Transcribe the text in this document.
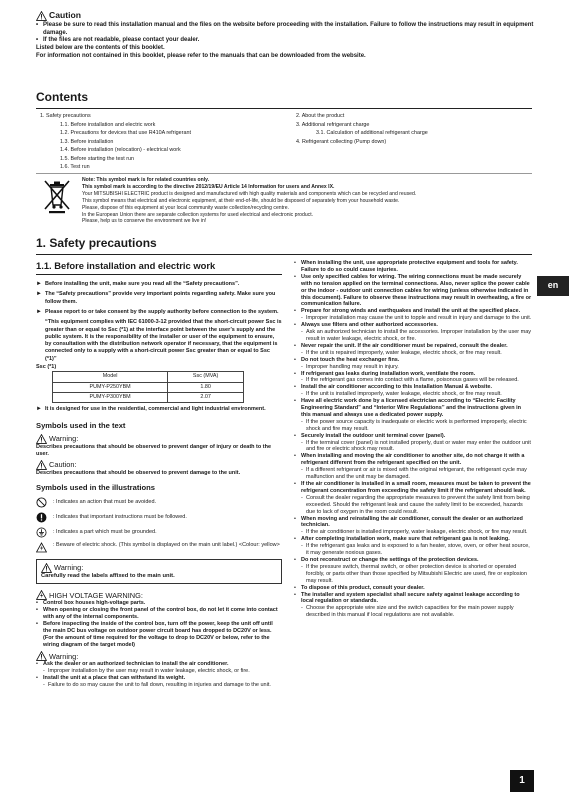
Caution
• Please be sure to read this installation manual and the files on the website before proceeding with the installation. Failure to follow the instructions may result in equipment damage.
• If the files are not readable, please contact your dealer.
Listed below are the contents of this booklet.
For information not contained in this booklet, please refer to the manuals that can be downloaded from the website.
Contents
1. Safety precautions
1.1. Before installation and electric work
1.2. Precautions for devices that use R410A refrigerant
1.3. Before installation
1.4. Before installation (relocation) - electrical work
1.5. Before starting the test run
1.6. Test run
2. About the product
3. Additional refrigerant charge
3.1. Calculation of additional refrigerant charge
4. Refrigerant collecting (Pump down)
Note: This symbol mark is for related countries only.
This symbol mark is according to the directive 2012/19/EU Article 14 Information for users and Annex IX.
Your MITSUBISHI ELECTRIC product is designed and manufactured with high quality materials and components which can be recycled and reused.
This symbol means that electrical and electronic equipment, at their end-of-life, should be disposed of separately from your household waste.
Please, dispose of this equipment at your local community waste collection/recycling centre.
In the European Union there are separate collection systems for used electrical and electronic product.
Please, help us to conserve the environment we live in!
1. Safety precautions
en
1.1. Before installation and electric work
► Before installing the unit, make sure you read all the “Safety precautions”.
► The “Safety precautions” provide very important points regarding safety. Make sure you follow them.
► Please report to or take consent by the supply authority before connection to the system.
“This equipment complies with IEC 61000-3-12 provided that the short-circuit power Ssc is greater than or equal to Ssc (*1) at the interface point between the user’s supply and the public system. It is the responsibility of the installer or user of the equipment to ensure, by consultation with the distribution network operator if necessary, that the equipment is connected only to a supply with a short-circuit power Ssc greater than or equal to Ssc (*1)”
Ssc (*1)
Model	Ssc (MVA)
PUMY-P250YBM	1.80
PUMY-P300YBM	2.07
► It is designed for use in the residential, commercial and light industrial environment.
Symbols used in the text
Warning:
Describes precautions that should be observed to prevent danger of injury or death to the user.
Caution:
Describes precautions that should be observed to prevent damage to the unit.
Symbols used in the illustrations
: Indicates an action that must be avoided.
: Indicates that important instructions must be followed.
: Indicates a part which must be grounded.
: Beware of electric shock. (This symbol is displayed on the main unit label.) <Colour: yellow>
Warning:
Carefully read the labels affixed to the main unit.
HIGH VOLTAGE WARNING:
• Control box houses high-voltage parts.
• When opening or closing the front panel of the control box, do not let it come into contact with any of the internal components.
• Before inspecting the inside of the control box, turn off the power, keep the unit off until the main DC bus voltage on outdoor power circuit board has dropped to DC20V or less. (For the amount of time required for the voltage to drop to DC20V or below, refer to the wiring diagram of the target model)
Warning:
• Ask the dealer or an authorized technician to install the air conditioner.
- Improper installation by the user may result in water leakage, electric shock, or fire.
• Install the unit at a place that can withstand its weight.
- Failure to do so may cause the unit to fall down, resulting in injuries and damage to the unit.
• When installing the unit, use appropriate protective equipment and tools for safety. Failure to do so could cause injuries.
• Use only specified cables for wiring. The wiring connections must be made securely with no tension applied on the terminal connections. Also, never splice the power cable or the indoor - outdoor unit connection cables for wiring (unless otherwise indicated in this document). Failure to observe these instructions may result in overheating, a fire or communication failure.
• Prepare for strong winds and earthquakes and install the unit at the specified place.
- Improper installation may cause the unit to topple and result in injury and damage to the unit.
• Always use filters and other authorized accessories.
- Ask an authorized technician to install the accessories. Improper installation by the user may result in water leakage, electric shock, or fire.
• Never repair the unit. If the air conditioner must be repaired, consult the dealer.
- If the unit is repaired improperly, water leakage, electric shock, or fire may result.
• Do not touch the heat exchanger fins.
- Improper handling may result in injury.
• If refrigerant gas leaks during installation work, ventilate the room.
- If the refrigerant gas comes into contact with a flame, poisonous gases will be released.
• Install the air conditioner according to this Installation Manual & website.
- If the unit is installed improperly, water leakage, electric shock, or fire may result.
• Have all electric work done by a licensed electrician according to “Electric Facility Engineering Standard” and “Interior Wire Regulations” and the instructions given in this manual and always use a dedicated power supply.
- If the power source capacity is inadequate or electric work is performed improperly, electric shock and fire may result.
• Securely install the outdoor unit terminal cover (panel).
- If the terminal cover (panel) is not installed properly, dust or water may enter the outdoor unit and fire or electric shock may result.
• When installing and moving the air conditioner to another site, do not charge it with a refrigerant different from the refrigerant specified on the unit.
- If a different refrigerant or air is mixed with the original refrigerant, the refrigerant cycle may malfunction and the unit may be damaged.
• If the air conditioner is installed in a small room, measures must be taken to prevent the refrigerant concentration from exceeding the safety limit if the refrigerant should leak.
- Consult the dealer regarding the appropriate measures to prevent the safety limit from being exceeded. Should the refrigerant leak and cause the safety limit to be exceeded, hazards due to lack of oxygen in the room could result.
• When moving and reinstalling the air conditioner, consult the dealer or an authorized technician.
- If the air conditioner is installed improperly, water leakage, electric shock, or fire may result.
• After completing installation work, make sure that refrigerant gas is not leaking.
- If the refrigerant gas leaks and is exposed to a fan heater, stove, oven, or other heat source, it may generate noxious gases.
• Do not reconstruct or change the settings of the protection devices.
- If the pressure switch, thermal switch, or other protection device is shorted or operated forcibly, or parts other than those specified by Mitsubishi Electric are used, fire or explosion may result.
• To dispose of this product, consult your dealer.
• The installer and system specialist shall secure safety against leakage according to local regulation or standards.
- Choose the appropriate wire size and the switch capacities for the main power supply described in this manual if local regulations are not available.
1
